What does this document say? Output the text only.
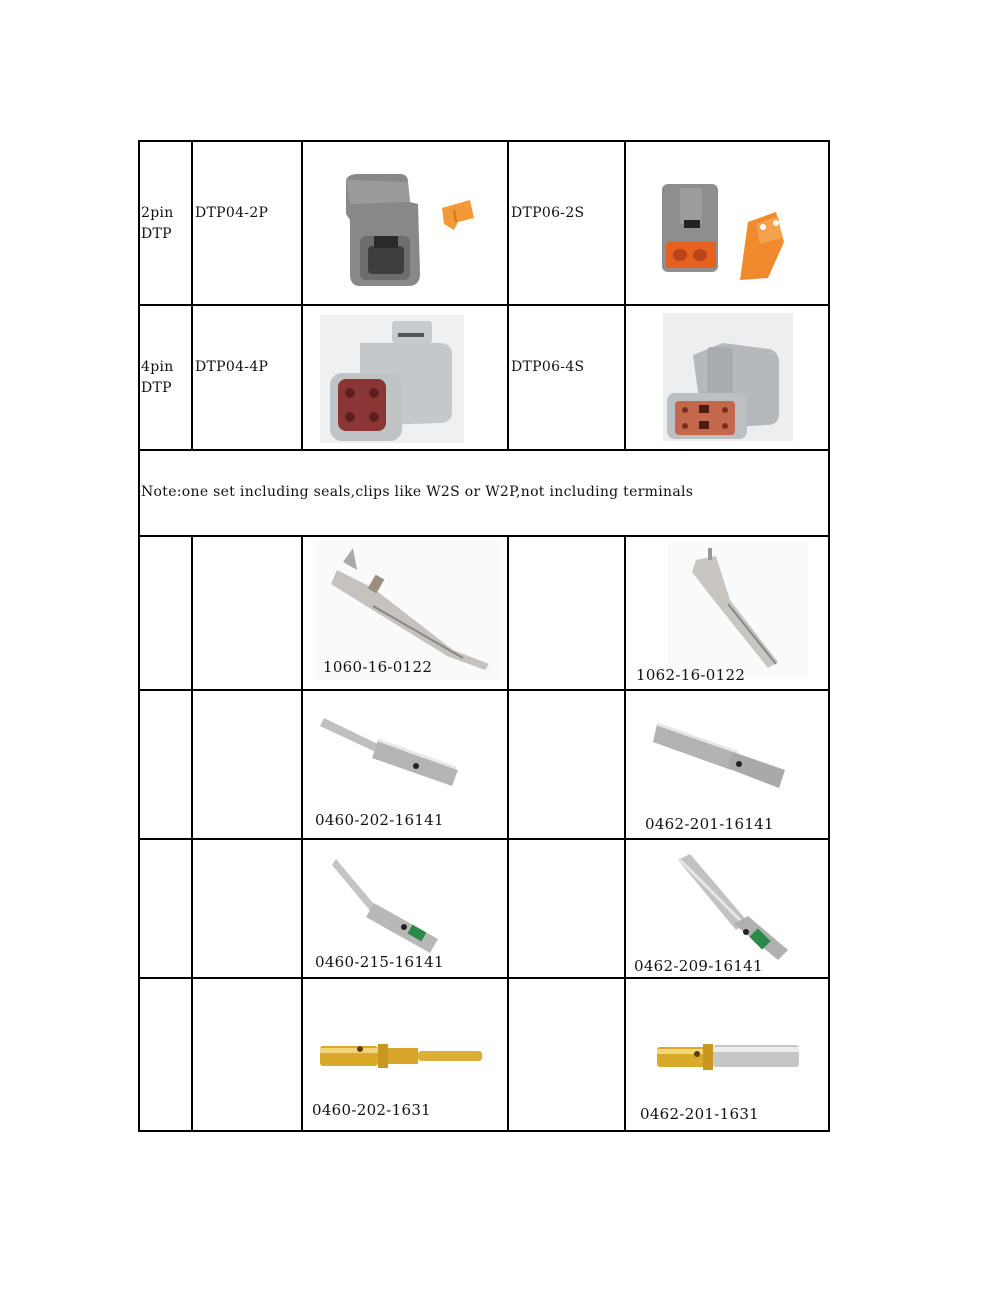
2pin
DTP
DTP04-2P	DTP06-2S
4pin
DTP
DTP04-4P	DTP06-4S
Note:one set including seals,clips like W2S or W2P,not including terminals
1060-16-0122	1062-16-0122
0460-202-16141	0462-201-16141
0460-215-16141	0462-209-16141
0460-202-1631	0462-201-1631
